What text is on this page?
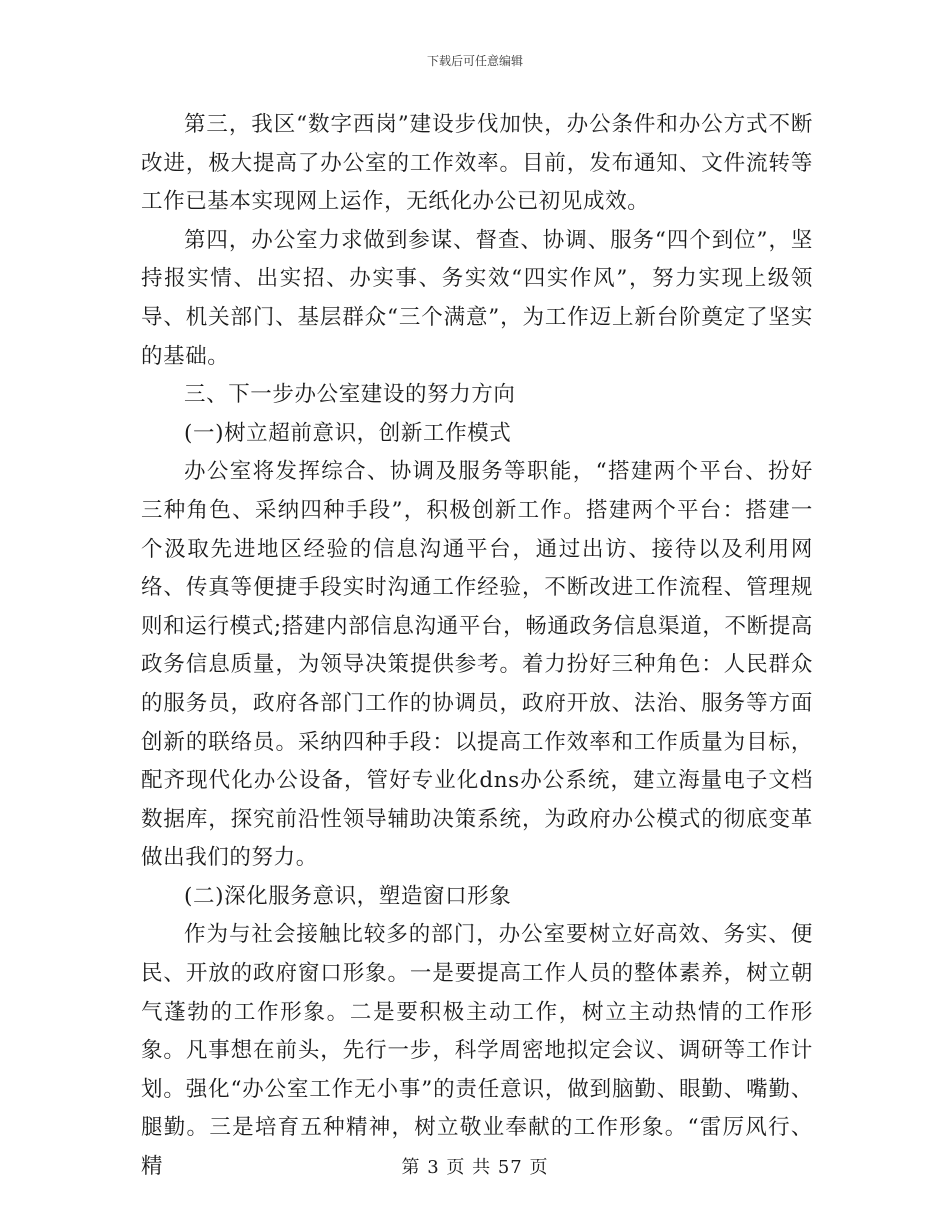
下载后可任意编辑

第三，我区“数字西岗”建设步伐加快，办公条件和办公方式不断改进，极大提高了办公室的工作效率。目前，发布通知、文件流转等工作已基本实现网上运作，无纸化办公已初见成效。

第四，办公室力求做到参谋、督查、协调、服务“四个到位”，坚持报实情、出实招、办实事、务实效“四实作风”，努力实现上级领导、机关部门、基层群众“三个满意”，为工作迈上新台阶奠定了坚实的基础。

三、下一步办公室建设的努力方向

(一)树立超前意识，创新工作模式

办公室将发挥综合、协调及服务等职能，“搭建两个平台、扮好三种角色、采纳四种手段”，积极创新工作。搭建两个平台：搭建一个汲取先进地区经验的信息沟通平台，通过出访、接待以及利用网络、传真等便捷手段实时沟通工作经验，不断改进工作流程、管理规则和运行模式;搭建内部信息沟通平台，畅通政务信息渠道，不断提高政务信息质量，为领导决策提供参考。着力扮好三种角色：人民群众的服务员，政府各部门工作的协调员，政府开放、法治、服务等方面创新的联络员。采纳四种手段：以提高工作效率和工作质量为目标，配齐现代化办公设备，管好专业化dns办公系统，建立海量电子文档数据库，探究前沿性领导辅助决策系统，为政府办公模式的彻底变革做出我们的努力。

(二)深化服务意识，塑造窗口形象

作为与社会接触比较多的部门，办公室要树立好高效、务实、便民、开放的政府窗口形象。一是要提高工作人员的整体素养，树立朝气蓬勃的工作形象。二是要积极主动工作，树立主动热情的工作形象。凡事想在前头，先行一步，科学周密地拟定会议、调研等工作计划。强化“办公室工作无小事”的责任意识，做到脑勤、眼勤、嘴勤、腿勤。三是培育五种精神，树立敬业奉献的工作形象。“雷厉风行、精	第 3 页 共 57 页
